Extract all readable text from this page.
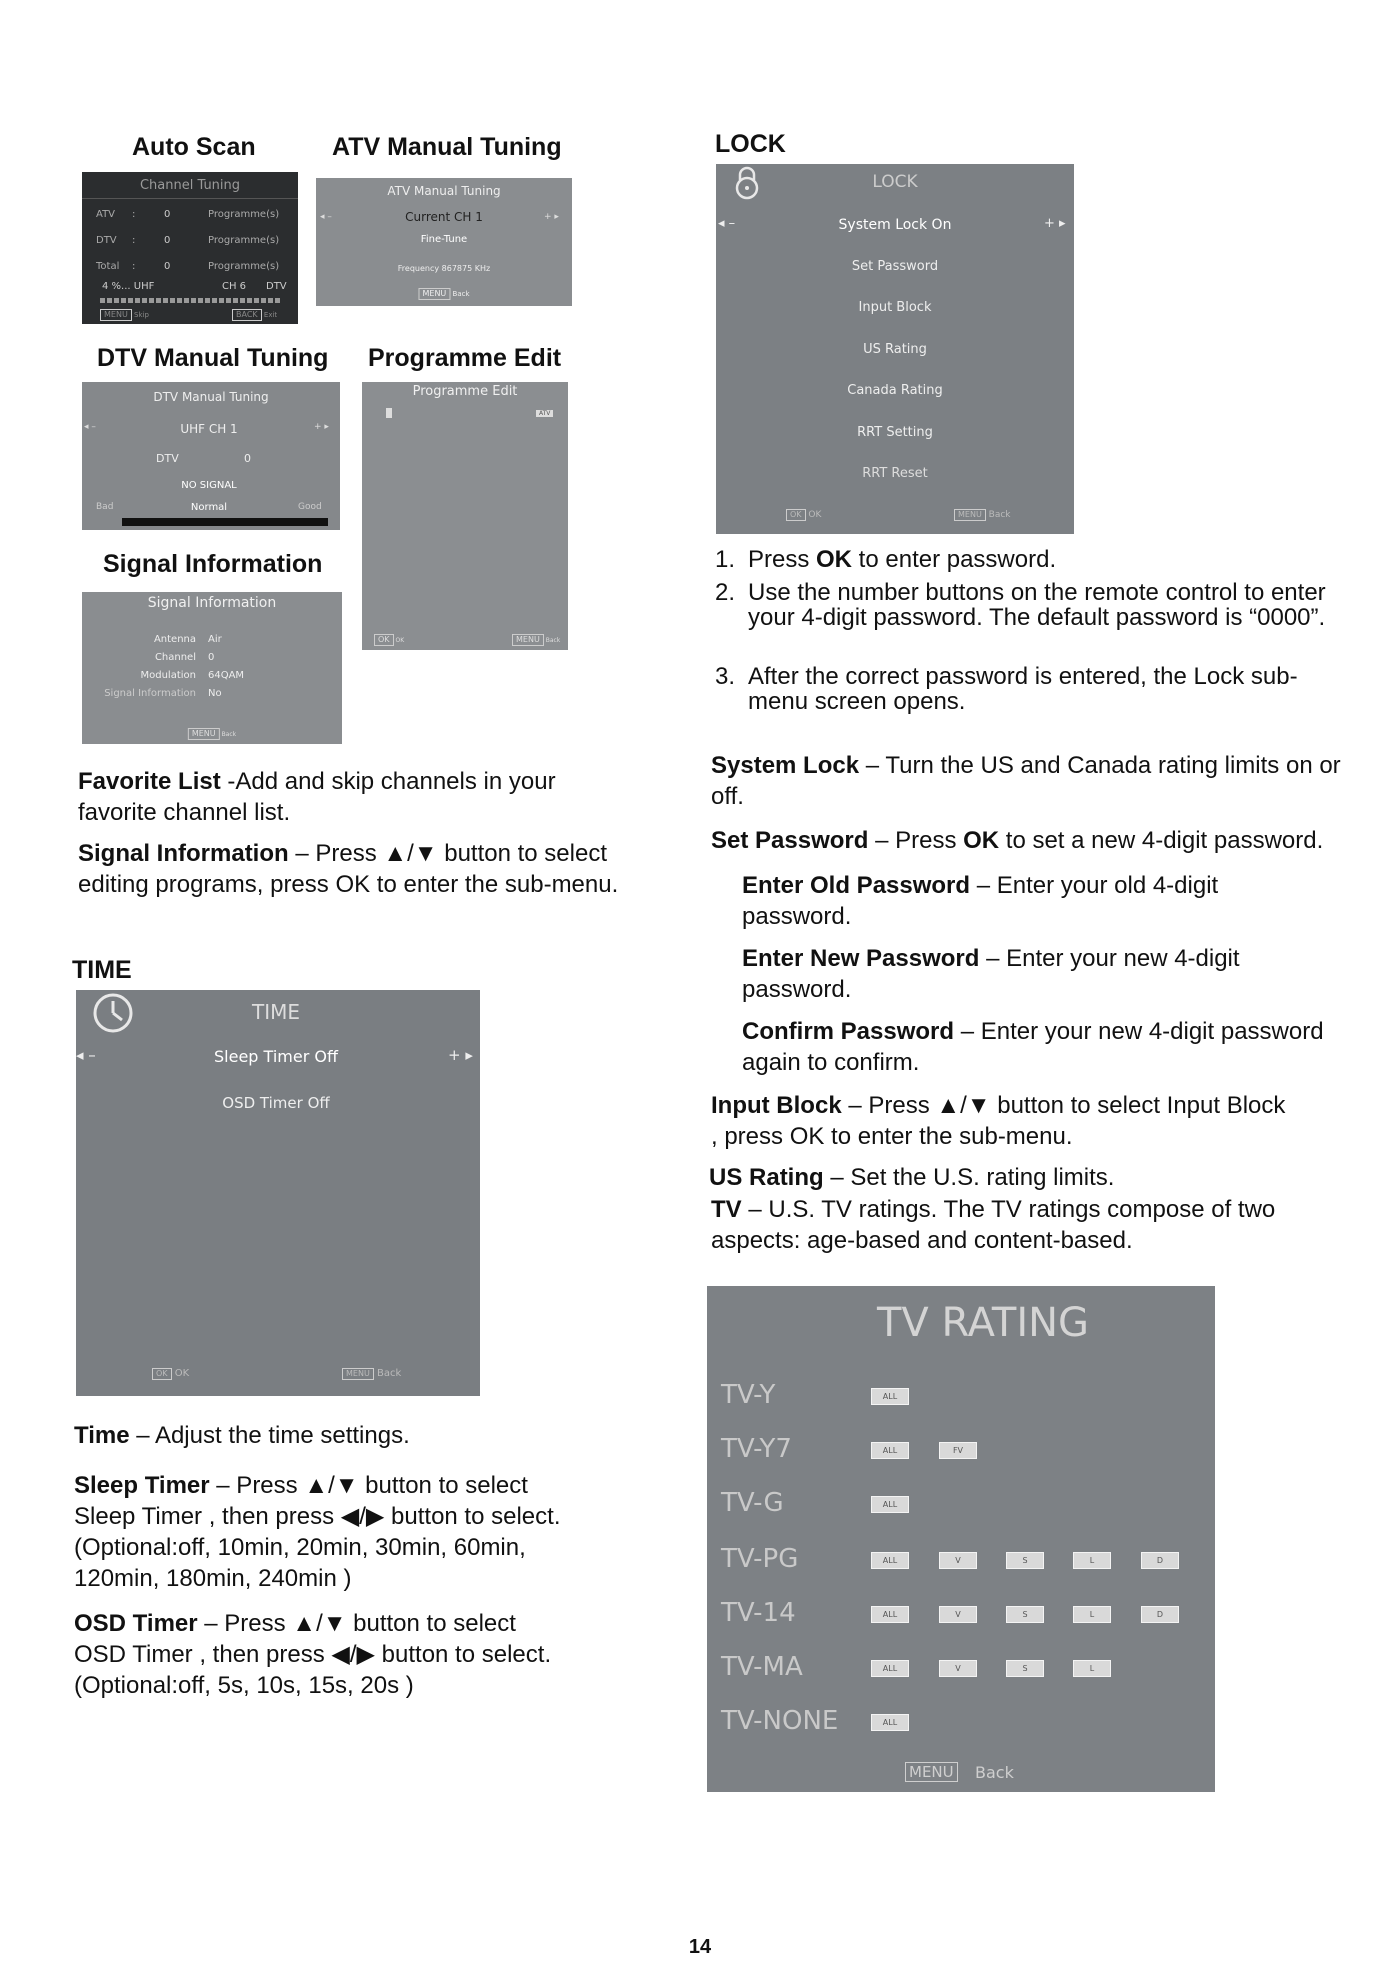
Auto Scan
Channel Tuning
ATV :	0	Programme(s)
DTV :	0	Programme(s)
Total :	0	Programme(s)
4 %... UHF	CH 6 DTV
MENU Skip	BACK Exit
ATV Manual Tuning
ATV Manual Tuning
◂ –	+ ▸
Current CH 1
Fine-Tune
Frequency 867875 KHz
MENU Back
DTV Manual Tuning
DTV Manual Tuning
◂ –	+ ▸
UHF CH 1
DTV	0
NO SIGNAL
Bad	Normal	Good
Programme Edit
Programme Edit
ATV
OK OK	MENU Back
Signal Information
Signal Information
Antenna Air
Channel 0
Modulation 64QAM
Signal Information No
MENU Back
Favorite List -Add and skip channels in your favorite channel list.
Signal Information – Press ▲/▼ button to select editing programs, press OK to enter the sub-menu.
TIME
TIME
◂ –	+ ▸
Sleep Timer Off
OSD Timer Off
OK OK	MENU Back
Time – Adjust the time settings.
Sleep Timer – Press ▲/▼ button to select
Sleep Timer , then press ◀/▶ button to select.
(Optional:off, 10min, 20min, 30min, 60min,
120min, 180min, 240min )
OSD Timer – Press ▲/▼ button to select
OSD Timer , then press ◀/▶ button to select.
(Optional:off, 5s, 10s, 15s, 20s )
LOCK
LOCK
◂ –	+ ▸
System Lock On
Set Password
Input Block
US Rating
Canada Rating
RRT Setting
RRT Reset
OK OK	MENU Back
1. Press OK to enter password.
2. Use the number buttons on the remote control to enter your 4-digit password. The default password is “0000”.
3. After the correct password is entered, the Lock sub-menu screen opens.
System Lock – Turn the US and Canada rating limits on or off.
Set Password – Press OK to set a new 4-digit password.
Enter Old Password – Enter your old 4-digit password.
Enter New Password – Enter your new 4-digit password.
Confirm Password – Enter your new 4-digit password again to confirm.
Input Block – Press ▲/▼ button to select Input Block
, press OK to enter the sub-menu.
US Rating – Set the U.S. rating limits.
TV – U.S. TV ratings. The TV ratings compose of two aspects: age-based and content-based.
TV RATING
TV-Y	ALL
TV-Y7	ALL	FV
TV-G	ALL
TV-PG	ALL	V	S	L	D
TV-14	ALL	V	S	L	D
TV-MA	ALL	V	S	L
TV-NONE	ALL
MENU Back
14
